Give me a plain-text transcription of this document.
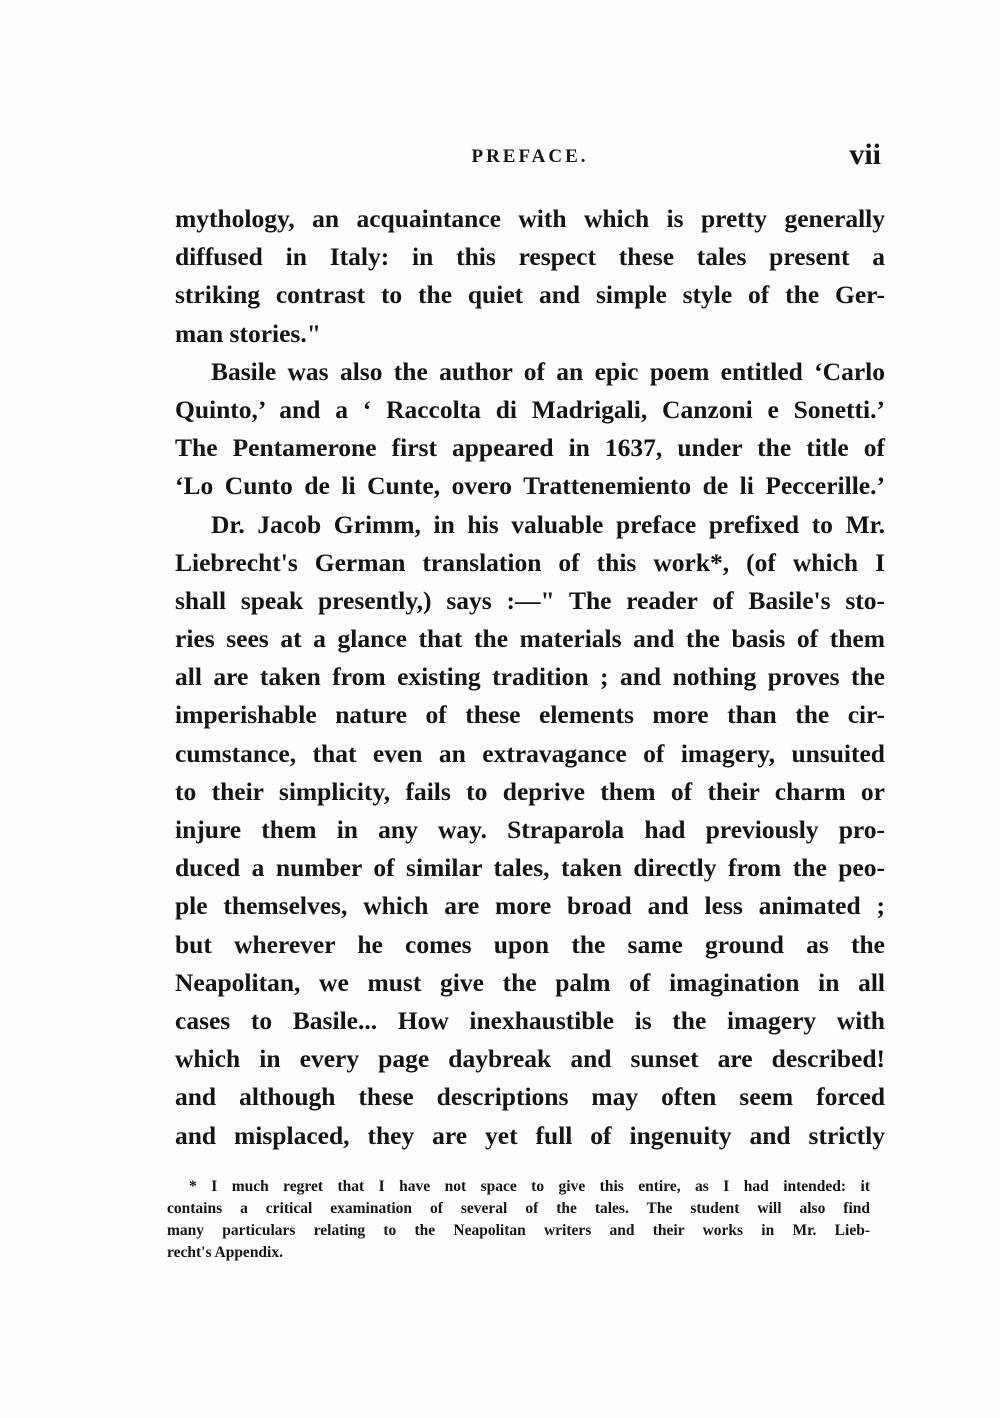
PREFACE.	vii
mythology, an acquaintance with which is pretty generally
diffused in Italy: in this respect these tales present a
striking contrast to the quiet and simple style of the Ger-
man stories."
Basile was also the author of an epic poem entitled ‘Carlo
Quinto,’ and a ‘ Raccolta di Madrigali, Canzoni e Sonetti.’
The Pentamerone first appeared in 1637, under the title of
‘Lo Cunto de li Cunte, overo Trattenemiento de li Peccerille.’
Dr. Jacob Grimm, in his valuable preface prefixed to Mr.
Liebrecht's German translation of this work*, (of which I
shall speak presently,) says :—" The reader of Basile's sto-
ries sees at a glance that the materials and the basis of them
all are taken from existing tradition ; and nothing proves the
imperishable nature of these elements more than the cir-
cumstance, that even an extravagance of imagery, unsuited
to their simplicity, fails to deprive them of their charm or
injure them in any way. Straparola had previously pro-
duced a number of similar tales, taken directly from the peo-
ple themselves, which are more broad and less animated ;
but wherever he comes upon the same ground as the
Neapolitan, we must give the palm of imagination in all
cases to Basile... How inexhaustible is the imagery with
which in every page daybreak and sunset are described!
and although these descriptions may often seem forced
and misplaced, they are yet full of ingenuity and strictly
* I much regret that I have not space to give this entire, as I had intended: it
contains a critical examination of several of the tales. The student will also find
many particulars relating to the Neapolitan writers and their works in Mr. Lieb-
recht's Appendix.
